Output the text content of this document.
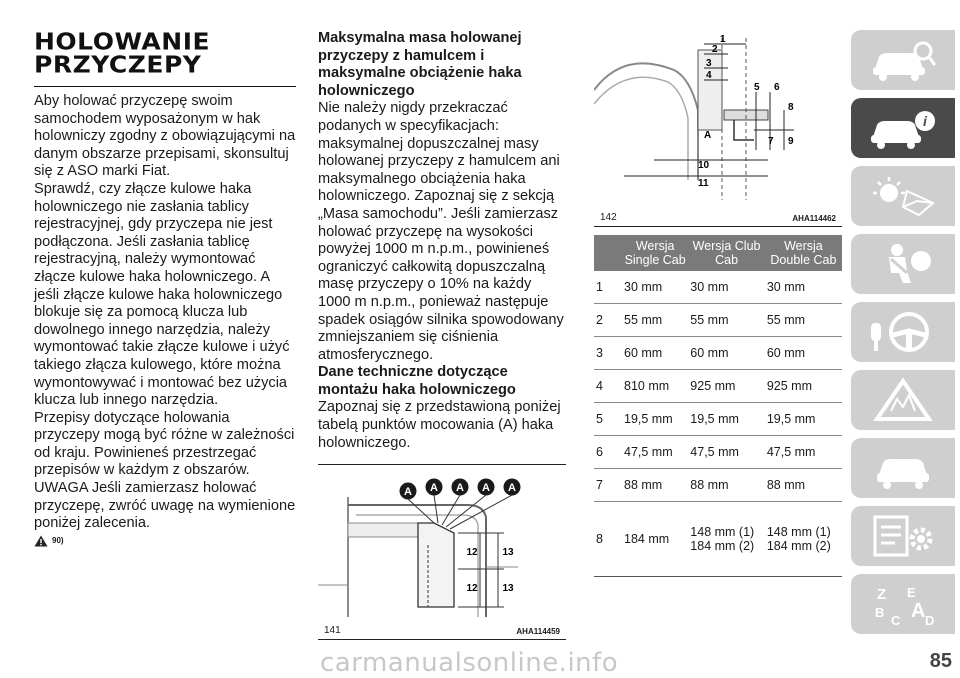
HOLOWANIE
PRZYCZEPY

Aby holować przyczepę swoim samochodem wyposażonym w hak holowniczy zgodny z obowiązującymi na danym obszarze przepisami, skonsultuj się z ASO marki Fiat.

Sprawdź, czy złącze kulowe haka holowniczego nie zasłania tablicy rejestracyjnej, gdy przyczepa nie jest podłączona. Jeśli zasłania tablicę rejestracyjną, należy wymontować złącze kulowe haka holowniczego. A jeśli złącze kulowe haka holowniczego blokuje się za pomocą klucza lub dowolnego innego narzędzia, należy wymontować takie złącze kulowe i użyć takiego złącza kulowego, które można wymontowywać i montować bez użycia klucza lub innego narzędzia.

Przepisy dotyczące holowania przyczepy mogą być różne w zależności od kraju. Powinieneś przestrzegać przepisów w każdym z obszarów.

UWAGA Jeśli zamierzasz holować przyczepę, zwróć uwagę na wymienione poniżej zalecenia.

90)

Maksymalna masa holowanej przyczepy z hamulcem i maksymalne obciążenie haka holowniczego

Nie należy nigdy przekraczać podanych w specyfikacjach: maksymalnej dopuszczalnej masy holowanej przyczepy z hamulcem ani maksymalnego obciążenia haka holowniczego. Zapoznaj się z sekcją „Masa samochodu”. Jeśli zamierzasz holować przyczepę na wysokości powyżej 1000 m n.p.m., powinieneś ograniczyć całkowitą dopuszczalną masę przyczepy o 10% na każdy 1000 m n.p.m., ponieważ następuje spadek osiągów silnika spowodowany zmniejszaniem się ciśnienia atmosferycznego.

Dane techniczne dotyczące montażu haka holowniczego

Zapoznaj się z przedstawioną poniżej tabelą punktów mocowania (A) haka holowniczego.

A A A A A
12 13
12 13
141	AHA114459
1
2
3
4
5 6
8
A
7 9
10
11
142	AHA114462
	Wersja Single Cab	Wersja Club Cab	Wersja Double Cab
1	30 mm	30 mm	30 mm
2	55 mm	55 mm	55 mm
3	60 mm	60 mm	60 mm
4	810 mm	925 mm	925 mm
5	19,5 mm	19,5 mm	19,5 mm
6	47,5 mm	47,5 mm	47,5 mm
7	88 mm	88 mm	88 mm
8	184 mm	148 mm (1) 184 mm (2)	148 mm (1) 184 mm (2)
i
Z E
B A
C D
carmanualsonline.info	85
